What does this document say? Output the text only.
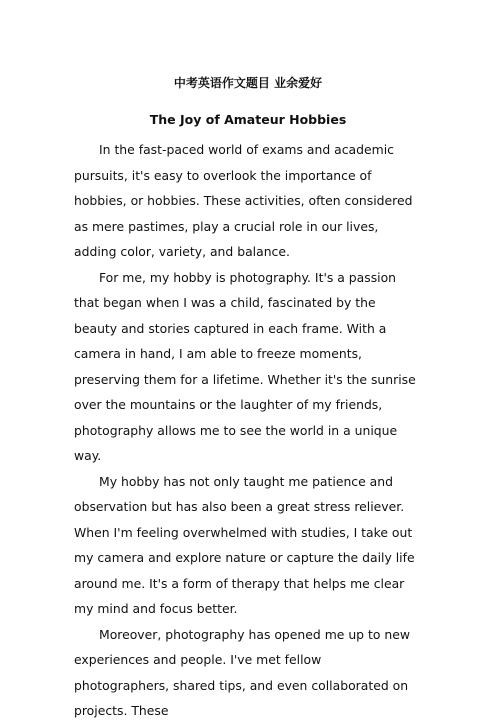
中考英语作文题目 业余爱好
The Joy of Amateur Hobbies

In the fast-paced world of exams and academic pursuits, it's easy to overlook the importance of hobbies, or hobbies. These activities, often considered as mere pastimes, play a crucial role in our lives, adding color, variety, and balance.

For me, my hobby is photography. It's a passion that began when I was a child, fascinated by the beauty and stories captured in each frame. With a camera in hand, I am able to freeze moments, preserving them for a lifetime. Whether it's the sunrise over the mountains or the laughter of my friends, photography allows me to see the world in a unique way.

My hobby has not only taught me patience and observation but has also been a great stress reliever. When I'm feeling overwhelmed with studies, I take out my camera and explore nature or capture the daily life around me. It's a form of therapy that helps me clear my mind and focus better.

Moreover, photography has opened me up to new experiences and people. I've met fellow photographers, shared tips, and even collaborated on projects. These
